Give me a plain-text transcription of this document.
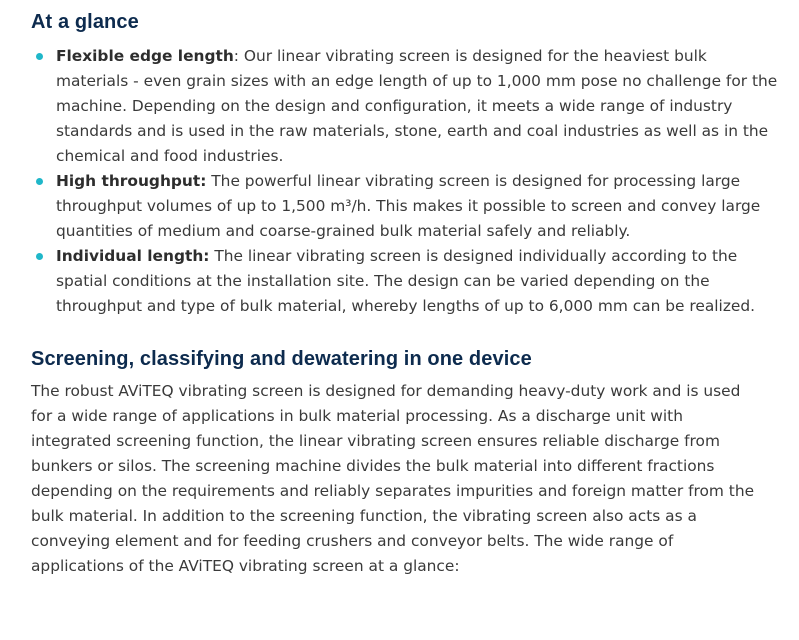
At a glance
Flexible edge length: Our linear vibrating screen is designed for the heaviest bulk materials - even grain sizes with an edge length of up to 1,000 mm pose no challenge for the machine. Depending on the design and configuration, it meets a wide range of industry standards and is used in the raw materials, stone, earth and coal industries as well as in the chemical and food industries.
High throughput: The powerful linear vibrating screen is designed for processing large throughput volumes of up to 1,500 m³/h. This makes it possible to screen and convey large quantities of medium and coarse-grained bulk material safely and reliably.
Individual length: The linear vibrating screen is designed individually according to the spatial conditions at the installation site. The design can be varied depending on the throughput and type of bulk material, whereby lengths of up to 6,000 mm can be realized.
Screening, classifying and dewatering in one device

The robust AViTEQ vibrating screen is designed for demanding heavy-duty work and is used for a wide range of applications in bulk material processing. As a discharge unit with integrated screening function, the linear vibrating screen ensures reliable discharge from bunkers or silos. The screening machine divides the bulk material into different fractions depending on the requirements and reliably separates impurities and foreign matter from the bulk material. In addition to the screening function, the vibrating screen also acts as a conveying element and for feeding crushers and conveyor belts. The wide range of applications of the AViTEQ vibrating screen at a glance:
